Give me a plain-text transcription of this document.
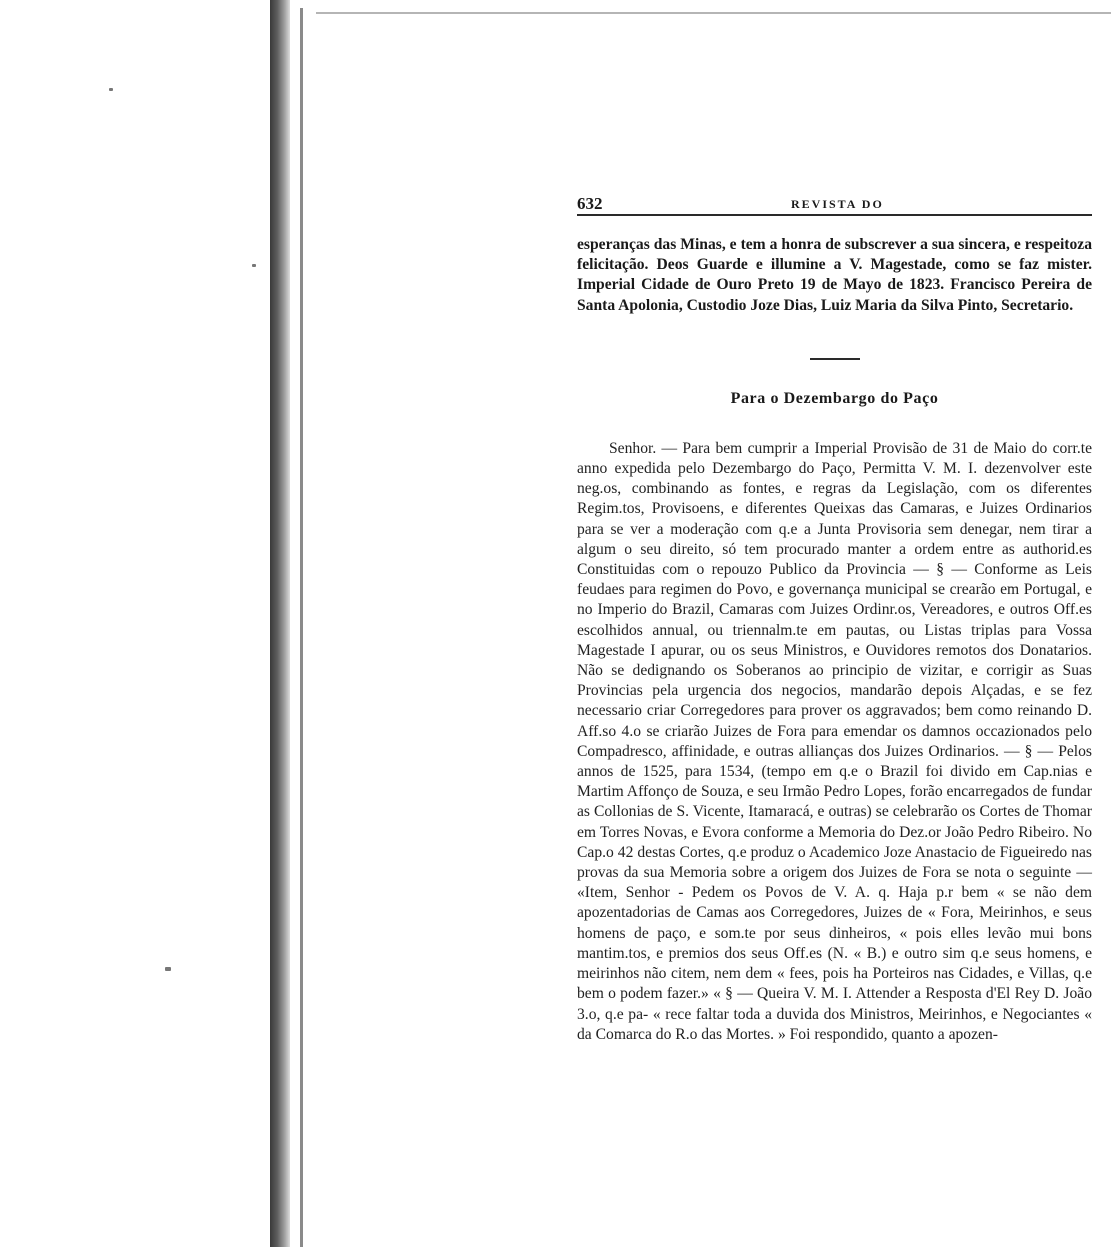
632	REVISTA DO

esperanças das Minas, e tem a honra de subscrever a sua sincera, e respeitoza felicitação. Deos Guarde e illumine a V. Magestade, como se faz mister. Imperial Cidade de Ouro Preto 19 de Mayo de 1823. Francisco Pereira de Santa Apolonia, Custodio Joze Dias, Luiz Maria da Silva Pinto, Secretario.

Para o Dezembargo do Paço

Senhor. — Para bem cumprir a Imperial Provisão de 31 de Maio do corr.te anno expedida pelo Dezembargo do Paço, Permitta V. M. I. dezenvolver este neg.os, combinando as fontes, e regras da Legislação, com os diferentes Regim.tos, Provisoens, e diferentes Queixas das Camaras, e Juizes Ordinarios para se ver a moderação com q.e a Junta Provisoria sem denegar, nem tirar a algum o seu direito, só tem procurado manter a ordem entre as authorid.es Constituidas com o repouzo Publico da Provincia — § — Conforme as Leis feudaes para regimen do Povo, e governança municipal se crearão em Portugal, e no Imperio do Brazil, Camaras com Juizes Ordinr.os, Vereadores, e outros Off.es escolhidos annual, ou triennalm.te em pautas, ou Listas triplas para Vossa Magestade I apurar, ou os seus Ministros, e Ouvidores remotos dos Donatarios. Não se dedignando os Soberanos ao principio de vizitar, e corrigir as Suas Provincias pela urgencia dos negocios, mandarão depois Alçadas, e se fez necessario criar Corregedores para prover os aggravados; bem como reinando D. Aff.so 4.o se criarão Juizes de Fora para emendar os damnos occazionados pelo Compadresco, affinidade, e outras allianças dos Juizes Ordinarios. — § — Pelos annos de 1525, para 1534, (tempo em q.e o Brazil foi divido em Cap.nias e Martim Affonço de Souza, e seu Irmão Pedro Lopes, forão encarregados de fundar as Collonias de S. Vicente, Itamaracá, e outras) se celebrarão os Cortes de Thomar em Torres Novas, e Evora conforme a Memoria do Dez.or João Pedro Ribeiro. No Cap.o 42 destas Cortes, q.e produz o Academico Joze Anastacio de Figueiredo nas provas da sua Memoria sobre a origem dos Juizes de Fora se nota o seguinte — «Item, Senhor - Pedem os Povos de V. A. q. Haja p.r bem « se não dem apozentadorias de Camas aos Corregedores, Juizes de « Fora, Meirinhos, e seus homens de paço, e som.te por seus dinheiros, « pois elles levão mui bons mantim.tos, e premios dos seus Off.es (N. « B.) e outro sim q.e seus homens, e meirinhos não citem, nem dem « fees, pois ha Porteiros nas Cidades, e Villas, q.e bem o podem fazer.» « § — Queira V. M. I. Attender a Resposta d'El Rey D. João 3.o, q.e pa- « rece faltar toda a duvida dos Ministros, Meirinhos, e Negociantes « da Comarca do R.o das Mortes. » Foi respondido, quanto a apozen-
